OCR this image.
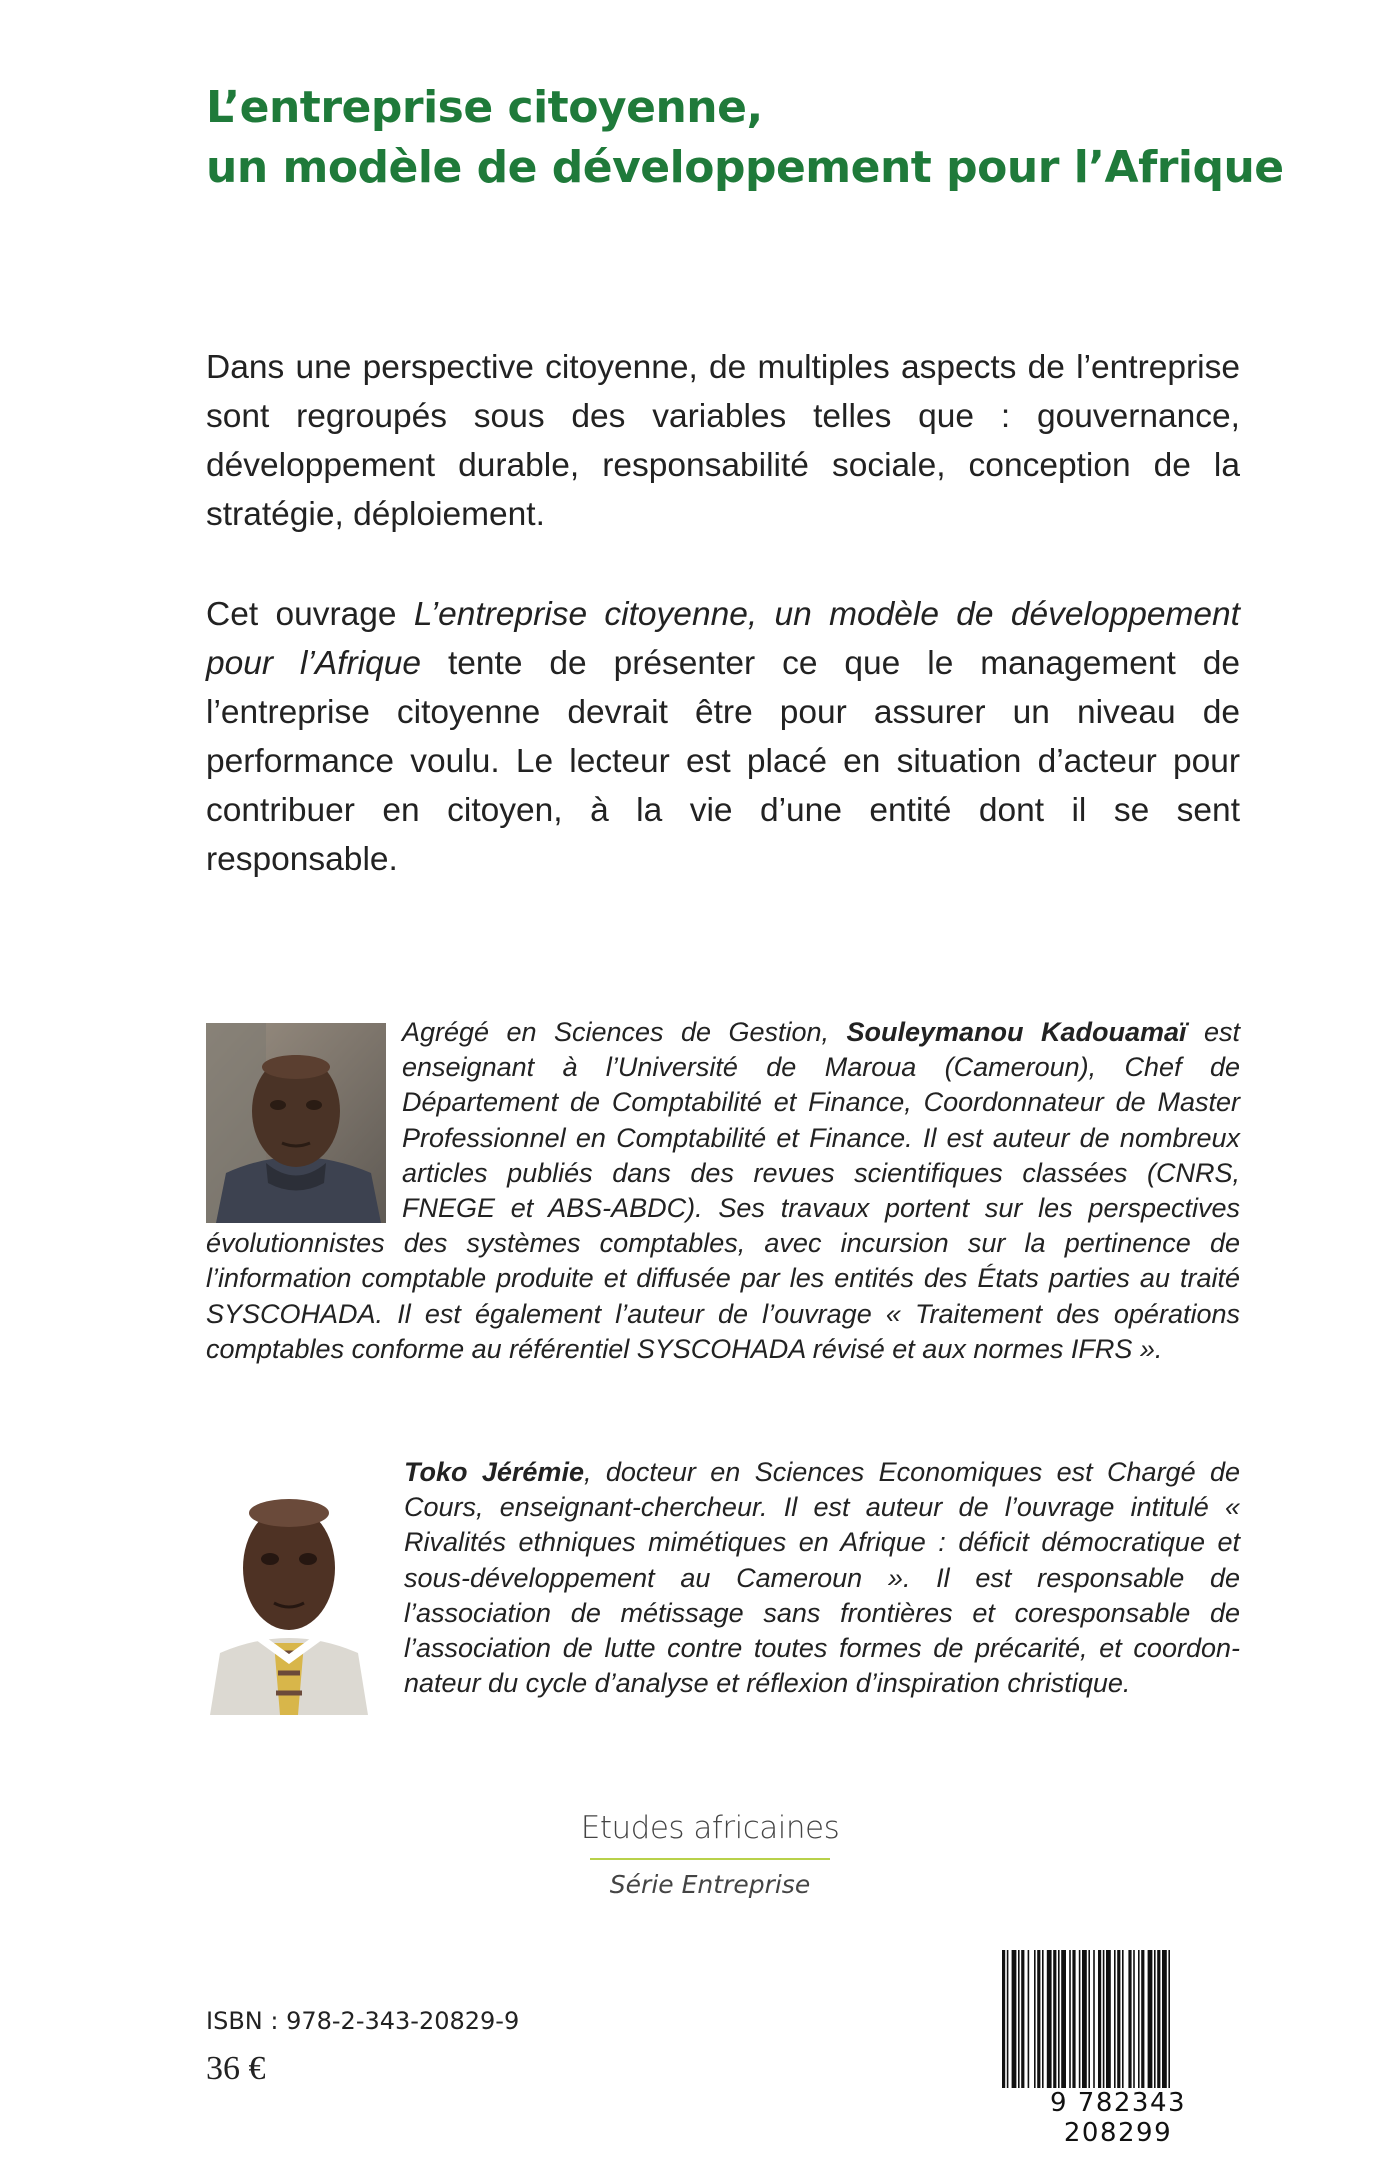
L’entreprise citoyenne,
un modèle de développement pour l’Afrique

Dans une perspective citoyenne, de multiples aspects de l’entreprise sont regroupés sous des variables telles que : gouvernance, développement durable, responsabilité sociale, conception de la stratégie, déploiement.

Cet ouvrage L’entreprise citoyenne, un modèle de développement pour l’Afrique tente de présenter ce que le management de l’entreprise citoyenne devrait être pour assurer un niveau de performance voulu. Le lecteur est placé en situation d’acteur pour contribuer en citoyen, à la vie d’une entité dont il se sent responsable.

Agrégé en Sciences de Gestion, Souleymanou Kadouamaï est enseignant à l’Université de Maroua (Cameroun), Chef de Département de Comptabilité et Finance, Coordonnateur de Master Professionnel en Comptabilité et Finance. Il est auteur de nombreux articles publiés dans des revues scientifiques classées (CNRS, FNEGE et ABS-ABDC). Ses travaux portent sur les perspectives évolutionnistes des systèmes comptables, avec incursion sur la pertinence de l’information comptable produite et diffusée par les entités des États parties au traité SYSCOHADA. Il est également l’auteur de l’ouvrage « Traitement des opérations comptables conforme au référentiel SYSCOHADA révisé et aux normes IFRS ».
Toko Jérémie, docteur en Sciences Economiques est Chargé de Cours, enseignant-chercheur. Il est auteur de l’ouvrage intitulé « Rivalités ethniques mimétiques en Afrique : déficit démocratique et sous-développement au Cameroun ». Il est responsable de l’association de métissage sans frontières et coresponsable de l’association de lutte contre toutes formes de précarité, et coordonnateur du cycle d’analyse et réflexion d’inspiration christique.
Etudes africaines
Série Entreprise
ISBN : 978-2-343-20829-9
36 €
9 782343 208299
